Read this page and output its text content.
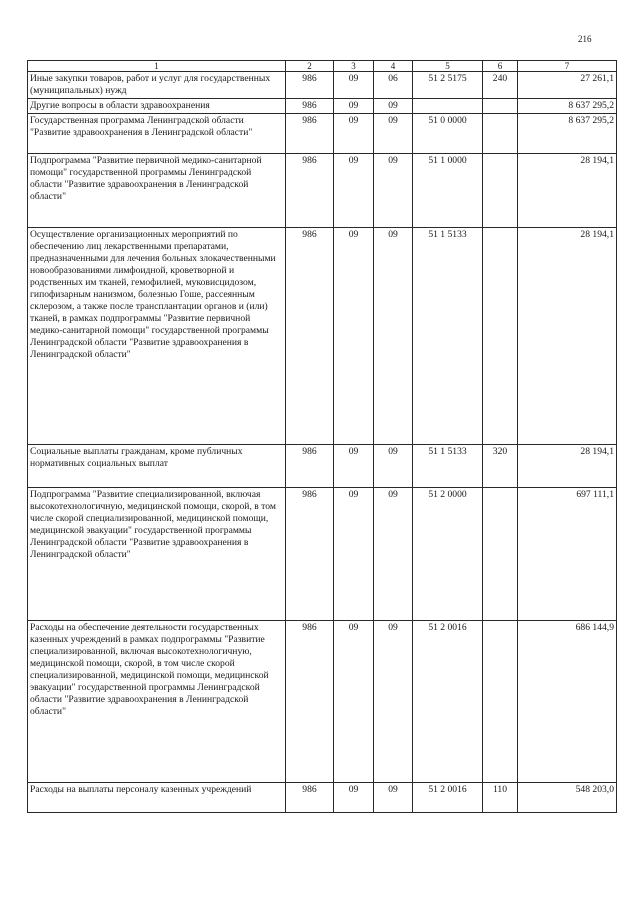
216
1	2	3	4	5	6	7
Иные закупки товаров, работ и услуг для государственных (муниципальных) нужд	986	09	06	51 2 5175	240	27 261,1
Другие вопросы в области здравоохранения	986	09	09			8 637 295,2
Государственная программа Ленинградской области "Развитие здравоохранения в Ленинградской области"	986	09	09	51 0 0000		8 637 295,2
Подпрограмма "Развитие первичной медико-санитарной помощи" государственной программы Ленинградской области "Развитие здравоохранения в Ленинградской области"	986	09	09	51 1 0000		28 194,1
Осуществление организационных мероприятий по обеспечению лиц лекарственными препаратами, предназначенными для лечения больных злокачественными новообразованиями лимфоидной, кроветворной и родственных им тканей, гемофилией, муковисцидозом, гипофизарным нанизмом, болезнью Гоше, рассеянным склерозом, а также после трансплантации органов и (или) тканей, в рамках подпрограммы "Развитие первичной медико-санитарной помощи" государственной программы Ленинградской области "Развитие здравоохранения в Ленинградской области"	986	09	09	51 1 5133		28 194,1
Социальные выплаты гражданам, кроме публичных нормативных социальных выплат	986	09	09	51 1 5133	320	28 194,1
Подпрограмма "Развитие специализированной, включая высокотехнологичную, медицинской помощи, скорой, в том числе скорой специализированной, медицинской помощи, медицинской эвакуации" государственной программы Ленинградской области "Развитие здравоохранения в Ленинградской области"	986	09	09	51 2 0000		697 111,1
Расходы на обеспечение деятельности государственных казенных учреждений в рамках подпрограммы "Развитие специализированной, включая высокотехнологичную, медицинской помощи, скорой, в том числе скорой специализированной, медицинской помощи, медицинской эвакуации" государственной программы Ленинградской области "Развитие здравоохранения в Ленинградской области"	986	09	09	51 2 0016		686 144,9
Расходы на выплаты персоналу казенных учреждений	986	09	09	51 2 0016	110	548 203,0
